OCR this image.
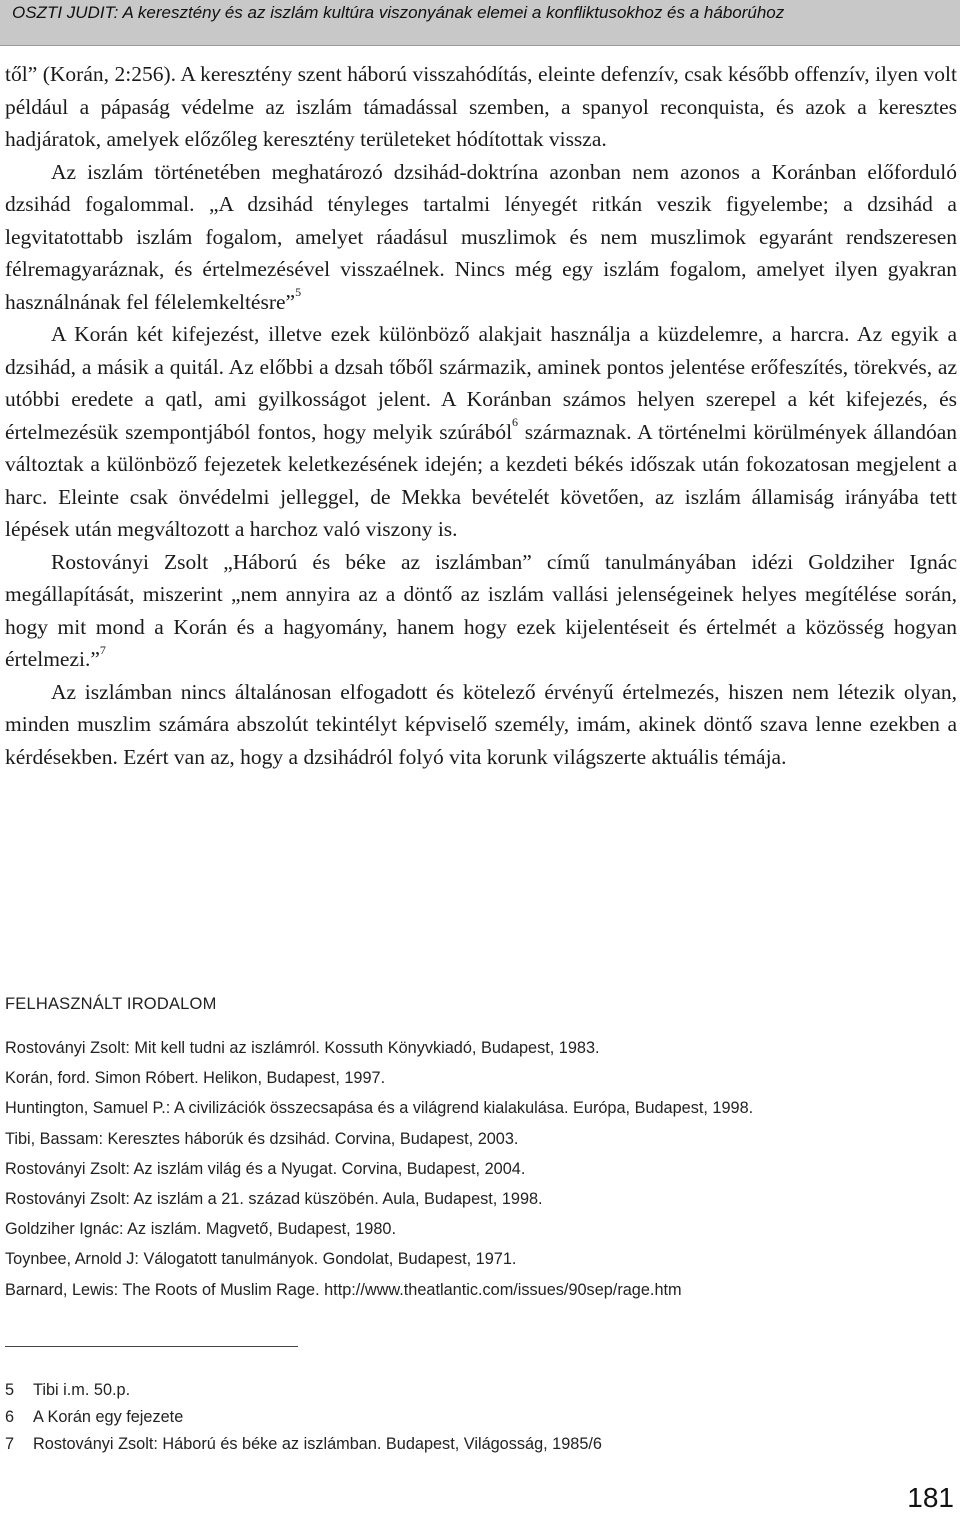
OSZTI JUDIT: A keresztény és az iszlám kultúra viszonyának elemei a konfliktusokhoz és a háborúhoz

től” (Korán, 2:256). A keresztény szent háború visszahódítás, eleinte defenzív, csak később offenzív, ilyen volt például a pápaság védelme az iszlám támadással szemben, a spanyol reconquista, és azok a keresztes hadjáratok, amelyek előzőleg keresztény területeket hódítottak vissza.

Az iszlám történetében meghatározó dzsihád-doktrína azonban nem azonos a Koránban előforduló dzsihád fogalommal. „A dzsihád tényleges tartalmi lényegét ritkán veszik figyelembe; a dzsihád a legvitatottabb iszlám fogalom, amelyet ráadásul muszlimok és nem muszlimok egyaránt rendszeresen félremagyaráznak, és értelmezésével visszaélnek. Nincs még egy iszlám fogalom, amelyet ilyen gyakran használnának fel félelemkeltésre”$^5$

A Korán két kifejezést, illetve ezek különböző alakjait használja a küzdelemre, a harcra. Az egyik a dzsihád, a másik a quitál. Az előbbi a dzsah tőből származik, aminek pontos jelentése erőfeszítés, törekvés, az utóbbi eredete a qatl, ami gyilkosságot jelent. A Koránban számos helyen szerepel a két kifejezés, és értelmezésük szempontjából fontos, hogy melyik szúrából$^6$ származnak. A történelmi körülmények állandóan változtak a különböző fejezetek keletkezésének idején; a kezdeti békés időszak után fokozatosan megjelent a harc. Eleinte csak önvédelmi jelleggel, de Mekka bevételét követően, az iszlám államiság irányába tett lépések után megváltozott a harchoz való viszony is.

Rostoványi Zsolt „Háború és béke az iszlámban” című tanulmányában idézi Goldziher Ignác megállapítását, miszerint „nem annyira az a döntő az iszlám vallási jelenségeinek helyes megítélése során, hogy mit mond a Korán és a hagyomány, hanem hogy ezek kijelentéseit és értelmét a közösség hogyan értelmezi.”$^7$

Az iszlámban nincs általánosan elfogadott és kötelező érvényű értelmezés, hiszen nem létezik olyan, minden muszlim számára abszolút tekintélyt képviselő személy, imám, akinek döntő szava lenne ezekben a kérdésekben. Ezért van az, hogy a dzsihádról folyó vita korunk világszerte aktuális témája.

FELHASZNÁLT IRODALOM
Rostoványi Zsolt: Mit kell tudni az iszlámról. Kossuth Könyvkiadó, Budapest, 1983.
Korán, ford. Simon Róbert. Helikon, Budapest, 1997.
Huntington, Samuel P.: A civilizációk összecsapása és a világrend kialakulása. Európa, Budapest, 1998.
Tibi, Bassam: Keresztes háborúk és dzsihád. Corvina, Budapest, 2003.
Rostoványi Zsolt: Az iszlám világ és a Nyugat. Corvina, Budapest, 2004.
Rostoványi Zsolt: Az iszlám a 21. század küszöbén. Aula, Budapest, 1998.
Goldziher Ignác: Az iszlám. Magvető, Budapest, 1980.
Toynbee, Arnold J: Válogatott tanulmányok. Gondolat, Budapest, 1971.
Barnard, Lewis: The Roots of Muslim Rage. http://www.theatlantic.com/issues/90sep/rage.htm
5 Tibi i.m. 50.p.
6 A Korán egy fejezete
7 Rostoványi Zsolt: Háború és béke az iszlámban. Budapest, Világosság, 1985/6
181
